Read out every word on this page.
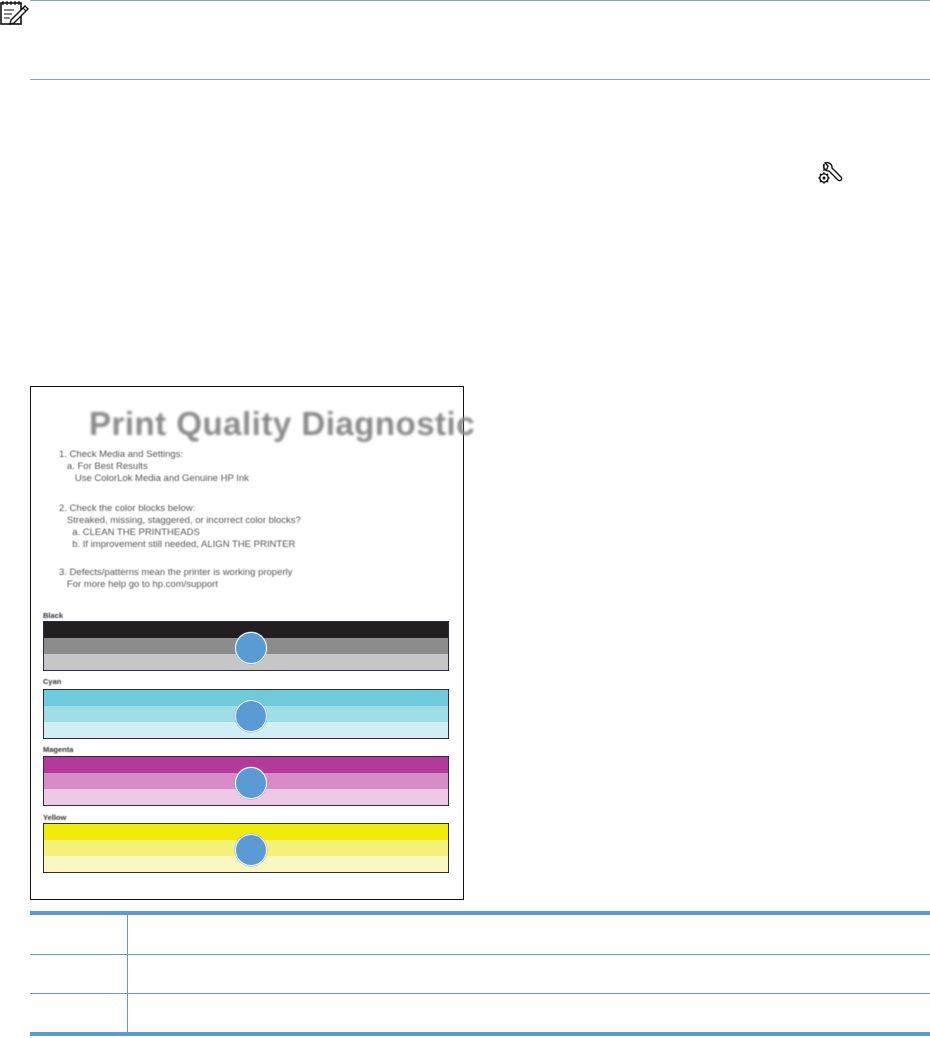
Print Quality Diagnostic
1. Check Media and Settings:
a. For Best Results
Use ColorLok Media and Genuine HP Ink
2. Check the color blocks below:
Streaked, missing, staggered, or incorrect color blocks?
a. CLEAN THE PRINTHEADS
b. If improvement still needed, ALIGN THE PRINTER
3. Defects/patterns mean the printer is working properly
For more help go to hp.com/support
Black
Cyan
Magenta
Yellow
